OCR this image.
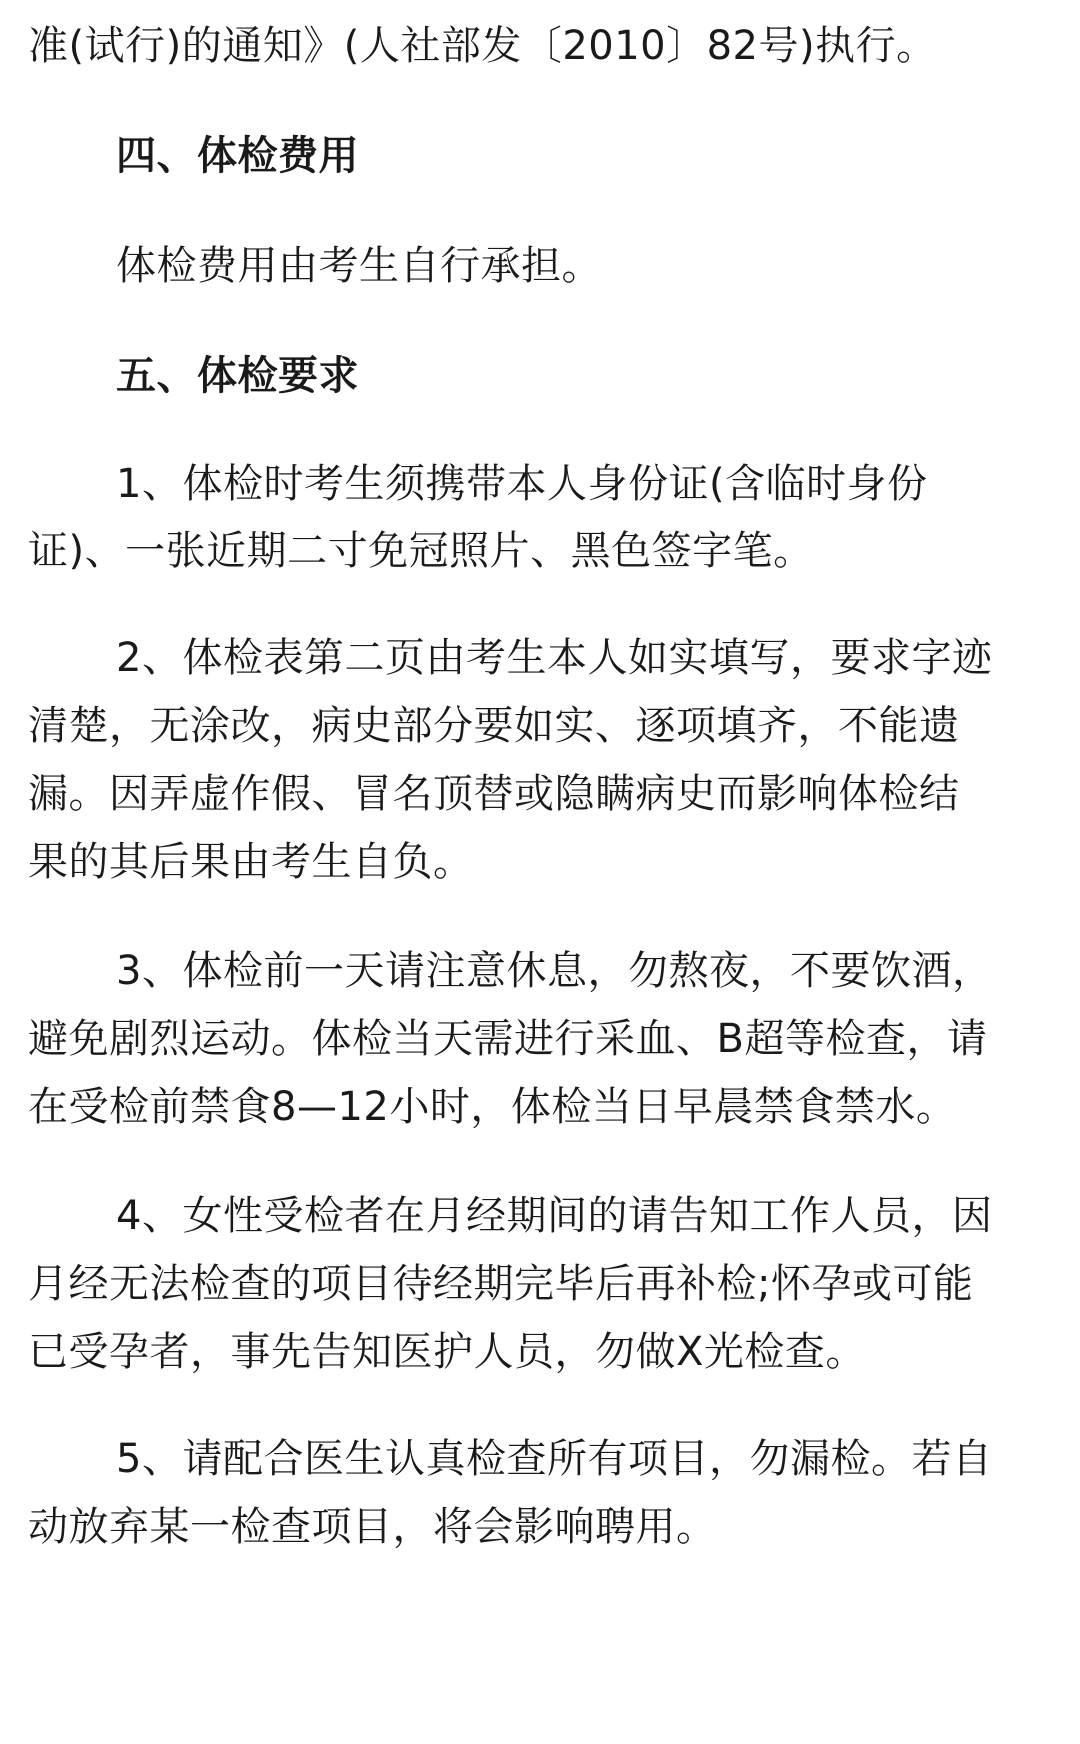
准(试行)的通知》(人社部发〔2010〕82号)执行。
四、体检费用
体检费用由考生自行承担。
五、体检要求
1、体检时考生须携带本人身份证(含临时身份
证)、一张近期二寸免冠照片、黑色签字笔。
2、体检表第二页由考生本人如实填写，要求字迹
清楚，无涂改，病史部分要如实、逐项填齐，不能遗
漏。因弄虚作假、冒名顶替或隐瞒病史而影响体检结
果的其后果由考生自负。
3、体检前一天请注意休息，勿熬夜，不要饮酒，
避免剧烈运动。体检当天需进行采血、B超等检查，请
在受检前禁食8—12小时，体检当日早晨禁食禁水。
4、女性受检者在月经期间的请告知工作人员，因
月经无法检查的项目待经期完毕后再补检;怀孕或可能
已受孕者，事先告知医护人员，勿做X光检查。
5、请配合医生认真检查所有项目，勿漏检。若自
动放弃某一检查项目，将会影响聘用。
